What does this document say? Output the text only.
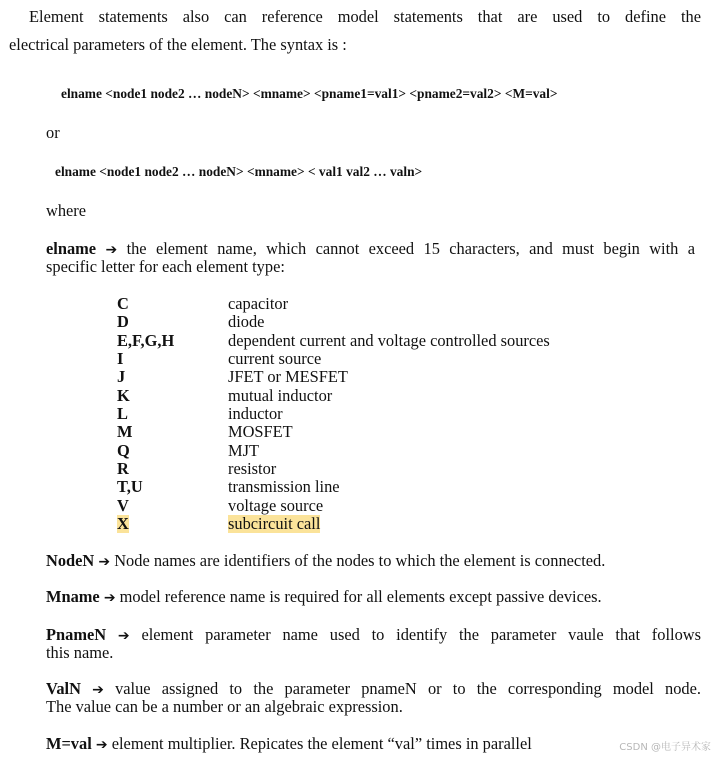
Element statements also can reference model statements that are used to define the
electrical parameters of the element. The syntax is :
elname <node1 node2 … nodeN> <mname> <pname1=val1> <pname2=val2> <M=val>
or
elname <node1 node2 … nodeN> <mname> < val1 val2 … valn>
where
elname ➔ the element name, which cannot exceed 15 characters, and must begin with a
specific letter for each element type:
C	capacitor
D	diode
E,F,G,H	dependent current and voltage controlled sources
I	current source
J	JFET or MESFET
K	mutual inductor
L	inductor
M	MOSFET
Q	MJT
R	resistor
T,U	transmission line
V	voltage source
X	subcircuit call
NodeN ➔ Node names are identifiers of the nodes to which the element is connected.
Mname ➔ model reference name is required for all elements except passive devices.
PnameN ➔ element parameter name used to identify the parameter vaule that follows
this name.
ValN ➔ value assigned to the parameter pnameN or to the corresponding model node.
The value can be a number or an algebraic expression.
M=val ➔ element multiplier. Repicates the element “val” times in parallel	CSDN @电子异术家
